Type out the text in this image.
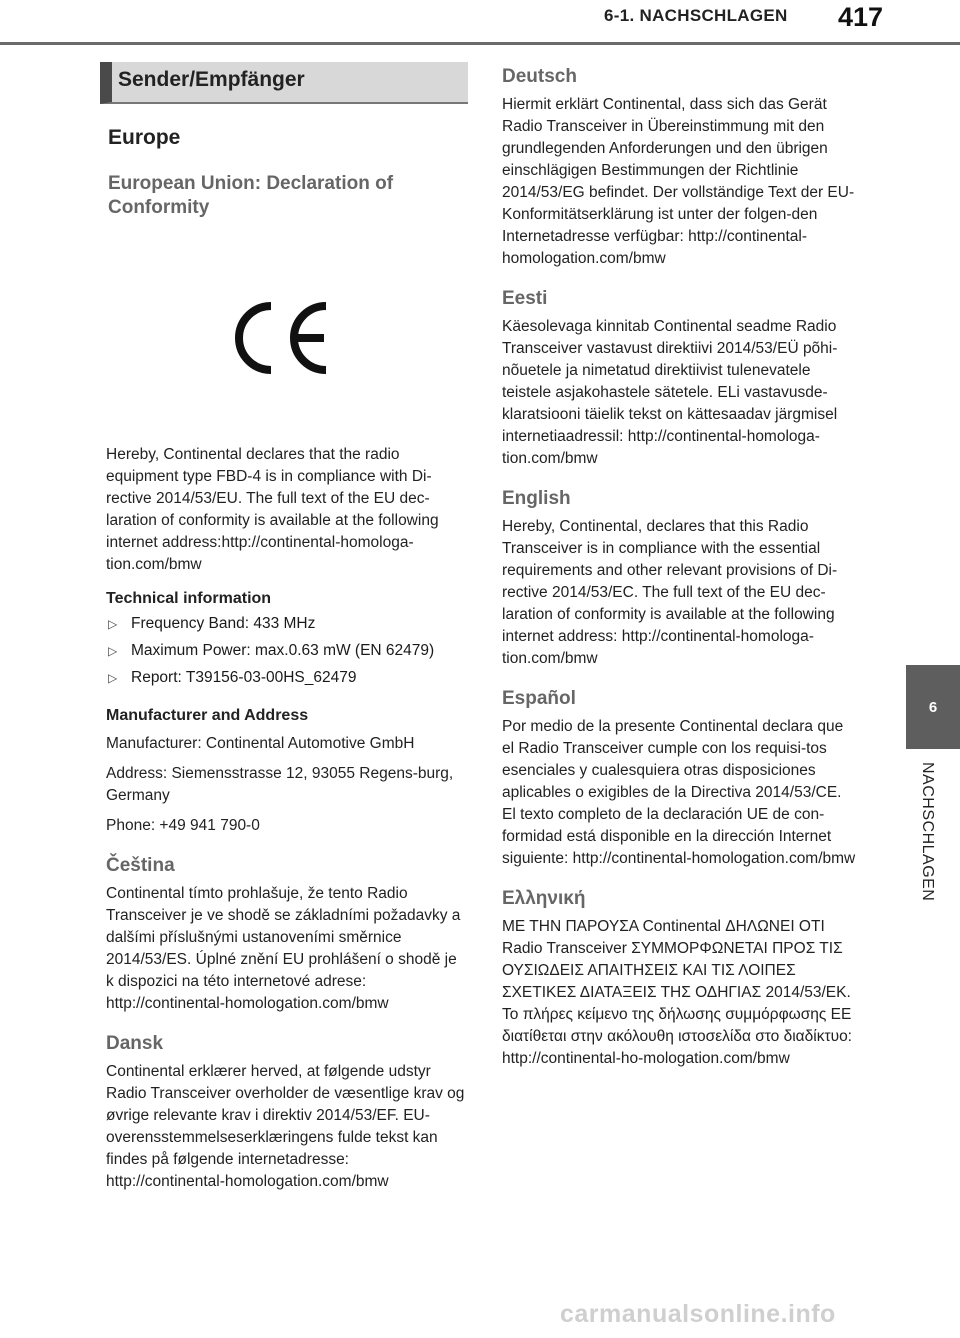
6-1. NACHSCHLAGEN 417
6
NACHSCHLAGEN
Sender/Empfänger
Europe
European Union: Declaration of Conformity

Hereby, Continental declares that the radio equipment type FBD-4 is in compliance with Di-rective 2014/53/EU. The full text of the EU dec-laration of conformity is available at the following internet address:http://continental-homologa-tion.com/bmw

Technical information
▷ Frequency Band: 433 MHz
▷ Maximum Power: max.0.63 mW (EN 62479)
▷ Report: T39156-03-00HS_62479
Manufacturer and Address

Manufacturer: Continental Automotive GmbH

Address: Siemensstrasse 12, 93055 Regens-burg, Germany

Phone: +49 941 790-0

Čeština

Continental tímto prohlašuje, že tento Radio Transceiver je ve shodě se základními požadavky a dalšími příslušnými ustanoveními směrnice 2014/53/ES. Úplné znění EU prohlášení o shodě je k dispozici na této internetové adrese: http://continental-homologation.com/bmw

Dansk

Continental erklærer herved, at følgende udstyr Radio Transceiver overholder de væsentlige krav og øvrige relevante krav i direktiv 2014/53/EF. EU-overensstemmelseserklæringens fulde tekst kan findes på følgende internetadresse: http://continental-homologation.com/bmw

Deutsch

Hiermit erklärt Continental, dass sich das Gerät Radio Transceiver in Übereinstimmung mit den grundlegenden Anforderungen und den übrigen einschlägigen Bestimmungen der Richtlinie 2014/53/EG befindet. Der vollständige Text der EU-Konformitätserklärung ist unter der folgen-den Internetadresse verfügbar: http://continental-homologation.com/bmw

Eesti

Käesolevaga kinnitab Continental seadme Radio Transceiver vastavust direktiivi 2014/53/EÜ põhi-nõuetele ja nimetatud direktiivist tulenevatele teistele asjakohastele sätetele. ELi vastavusde-klaratsiooni täielik tekst on kättesaadav järgmisel internetiaadressil: http://continental-homologa-tion.com/bmw

English

Hereby, Continental, declares that this Radio Transceiver is in compliance with the essential requirements and other relevant provisions of Di-rective 2014/53/EC. The full text of the EU dec-laration of conformity is available at the following internet address: http://continental-homologa-tion.com/bmw

Español

Por medio de la presente Continental declara que el Radio Transceiver cumple con los requisi-tos esenciales y cualesquiera otras disposiciones aplicables o exigibles de la Directiva 2014/53/CE. El texto completo de la declaración UE de con-formidad está disponible en la dirección Internet siguiente: http://continental-homologation.com/bmw

Ελληνική

ΜΕ ΤΗΝ ΠΑΡΟΥΣΑ Continental ΔΗΛΩΝΕΙ ΟΤΙ Radio Transceiver ΣΥΜΜΟΡΦΩΝΕΤΑΙ ΠΡΟΣ ΤΙΣ ΟΥΣΙΩΔΕΙΣ ΑΠΑΙΤΗΣΕΙΣ ΚΑΙ ΤΙΣ ΛΟΙΠΕΣ ΣΧΕΤΙΚΕΣ ΔΙΑΤΑΞΕΙΣ ΤΗΣ ΟΔΗΓΙΑΣ 2014/53/ΕΚ. Το πλήρες κείμενο της δήλωσης συμμόρφωσης ΕΕ διατίθεται στην ακόλουθη ιστοσελίδα στο διαδίκτυο: http://continental-ho-mologation.com/bmw

carmanualsonline.info
